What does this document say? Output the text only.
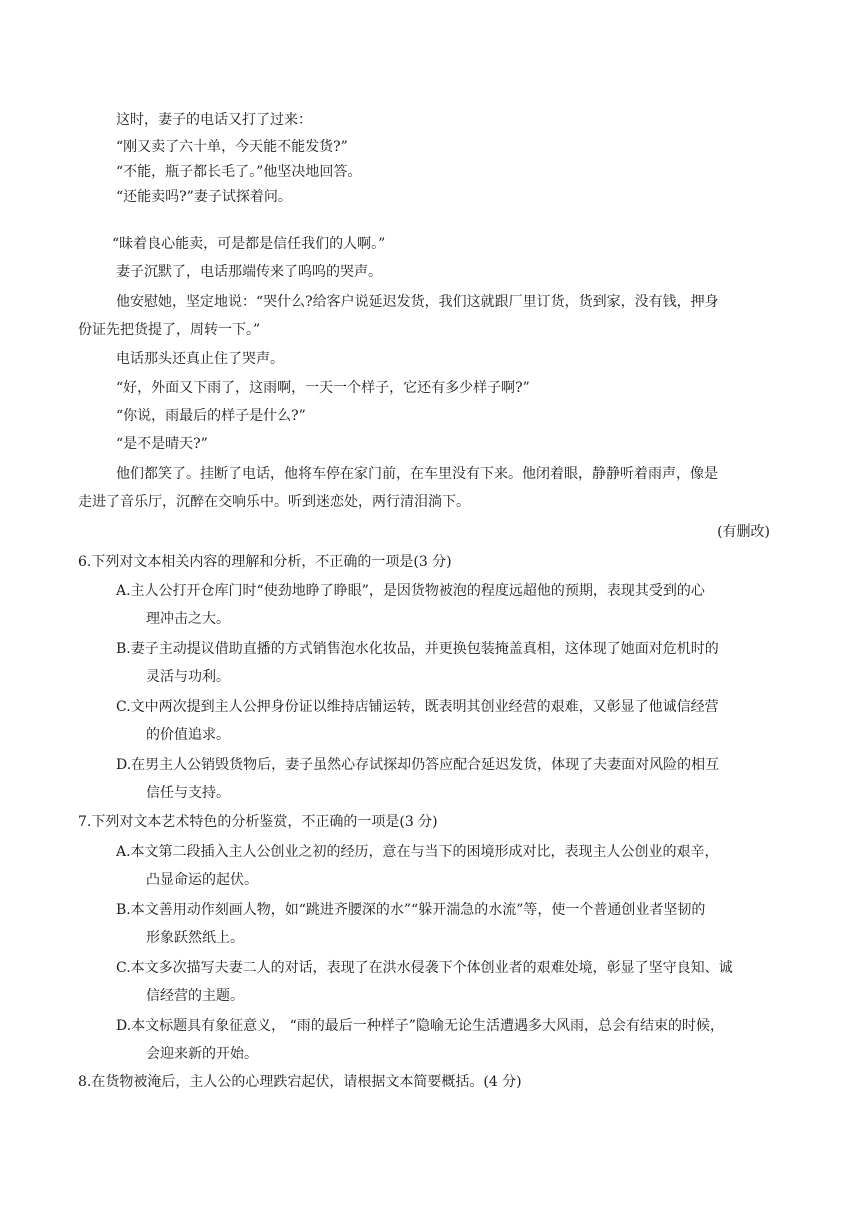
这时，妻子的电话又打了过来：
“刚又卖了六十单，今天能不能发货?”
“不能，瓶子都长毛了。”他坚决地回答。
“还能卖吗?”妻子试探着问。
“昧着良心能卖，可是都是信任我们的人啊。”
妻子沉默了，电话那端传来了呜呜的哭声。
他安慰她，坚定地说：“哭什么?给客户说延迟发货，我们这就跟厂里订货，货到家，没有钱，押身
份证先把货提了，周转一下。”
电话那头还真止住了哭声。
“好，外面又下雨了，这雨啊，一天一个样子，它还有多少样子啊?”
“你说，雨最后的样子是什么?”
“是不是晴天?”
他们都笑了。挂断了电话，他将车停在家门前，在车里没有下来。他闭着眼，静静听着雨声，像是
走进了音乐厅，沉醉在交响乐中。听到迷恋处，两行清泪淌下。
(有删改)
6.下列对文本相关内容的理解和分析，不正确的一项是(3 分)
A.主人公打开仓库门时“使劲地睁了睁眼”，是因货物被泡的程度远超他的预期，表现其受到的心
理冲击之大。
B.妻子主动提议借助直播的方式销售泡水化妆品，并更换包装掩盖真相，这体现了她面对危机时的
灵活与功利。
C.文中两次提到主人公押身份证以维持店铺运转，既表明其创业经营的艰难，又彰显了他诚信经营
的价值追求。
D.在男主人公销毁货物后，妻子虽然心存试探却仍答应配合延迟发货，体现了夫妻面对风险的相互
信任与支持。
7.下列对文本艺术特色的分析鉴赏，不正确的一项是(3 分)
A.本文第二段插入主人公创业之初的经历，意在与当下的困境形成对比，表现主人公创业的艰辛，
凸显命运的起伏。
B.本文善用动作刻画人物，如“跳进齐腰深的水”“躲开湍急的水流”等，使一个普通创业者坚韧的
形象跃然纸上。
C.本文多次描写夫妻二人的对话，表现了在洪水侵袭下个体创业者的艰难处境，彰显了坚守良知、诚
信经营的主题。
D.本文标题具有象征意义， “雨的最后一种样子”隐喻无论生活遭遇多大风雨，总会有结束的时候，
会迎来新的开始。
8.在货物被淹后，主人公的心理跌宕起伏，请根据文本简要概括。(4 分)
